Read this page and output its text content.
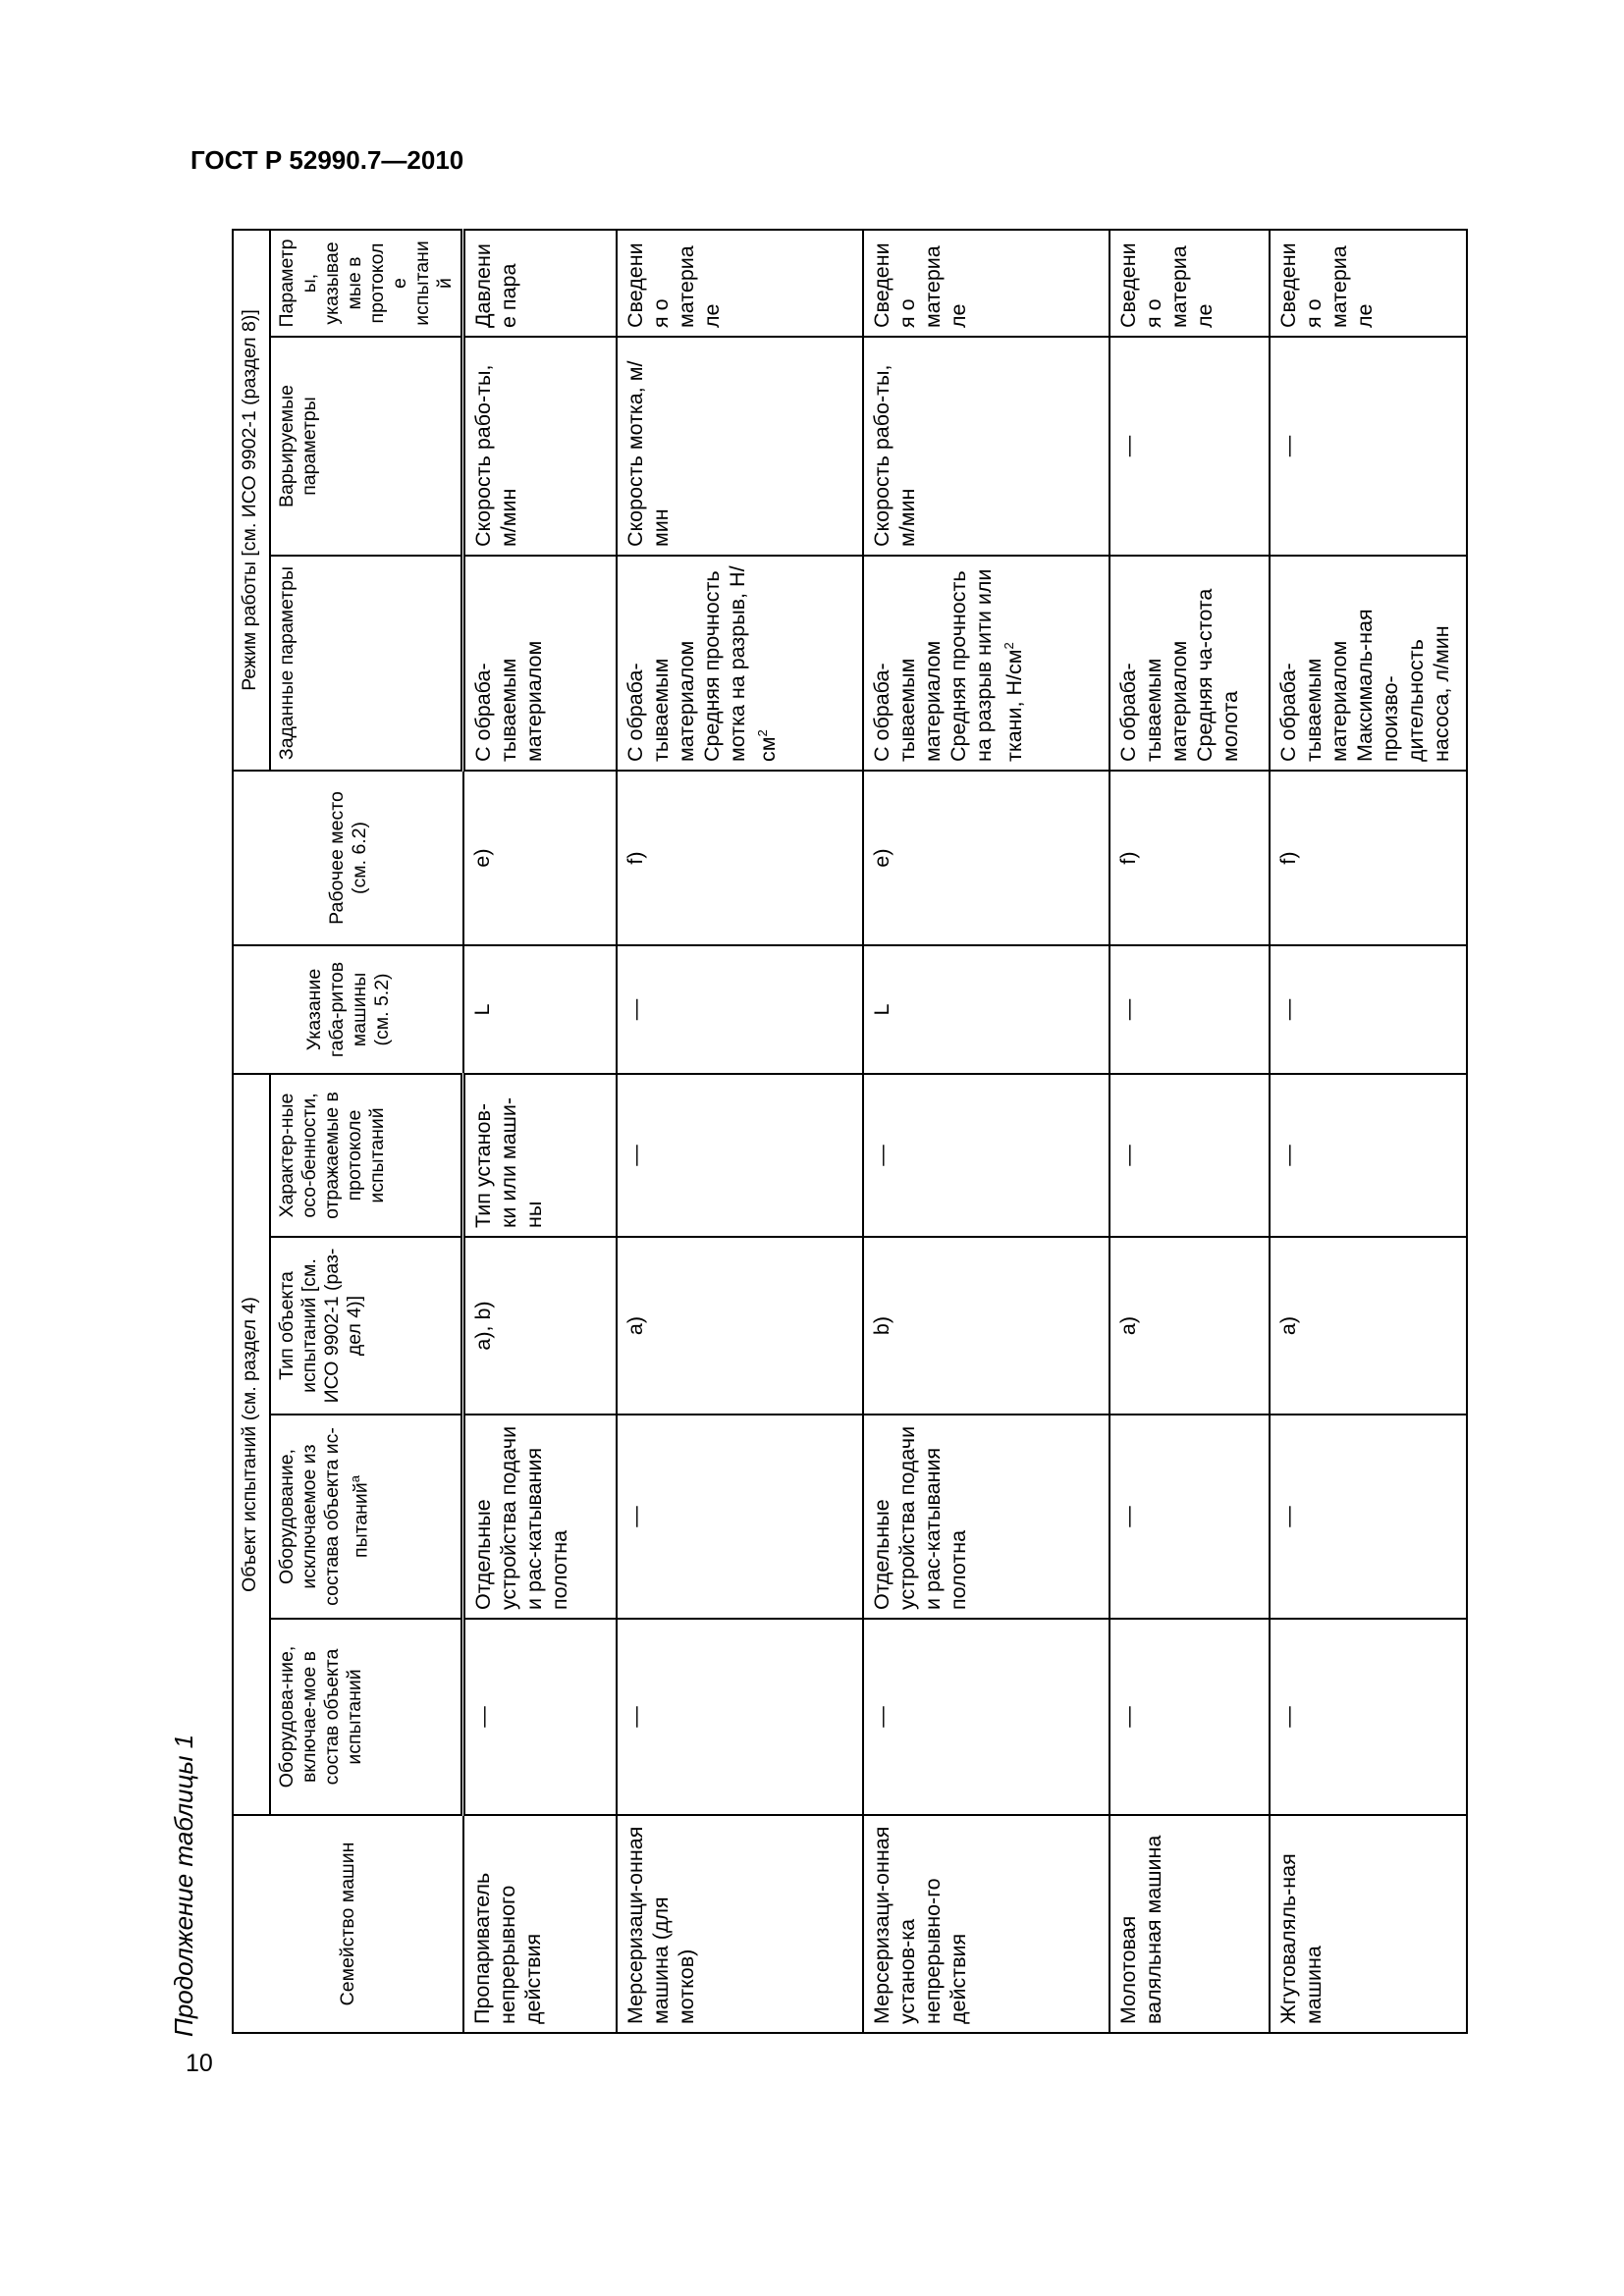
ГОСТ Р 52990.7—2010
10
Продолжение таблицы 1	Семейство машин	Объект испытаний (см. раздел 4)				Указание габа-ритов машины (см. 5.2)	Рабочее место (см. 6.2)	Режим работы [см. ИСО 9902-1 (раздел 8)]		
	Оборудова-ние, включае-мое в состав объекта испытаний	Оборудование, исключаемое из состава объекта ис-пытаний$^a$	Тип объекта испытаний [см. ИСО 9902-1 (раз-дел 4)]	Характер-ные осо-бенности, отражаемые в протоколе испытаний			Заданные параметры	Варьируемые параметры	Параметры, указываемые в протоколе испытаний
Пропариватель непрерывного действия	—	Отдельные устройства подачи и рас-катывания полотна	a), b)	Тип установ-ки или маши-ны	L	e)	С обраба-тываемым материалом	Скорость рабо-ты, м/мин	Давление пара
Мерсеризаци-онная машина (для мотков)	—	—	a)	—	—	f)	С обраба-тываемым материалом Средняя прочность мотка на разрыв, $Н/см^2$	Скорость мотка, м/мин	Сведения о материале
Мерсеризаци-онная установ-ка непрерывно-го действия	—	Отдельные устройства подачи и рас-катывания полотна	b)	—	L	e)	С обраба-тываемым материалом Средняя прочность на разрыв нити или ткани, $Н/см^2$	Скорость рабо-ты, м/мин	Сведения о материале
Молотовая валяльная машина	—	—	a)	—	—	f)	С обраба-тываемым материалом Средняя ча-стота молота	—	Сведения о материале
Жгутоваляль-ная машина	—	—	a)	—	—	f)	С обраба-тываемым материалом Максималь-ная произво-дительность насоса, л/мин	—	Сведения о материале
